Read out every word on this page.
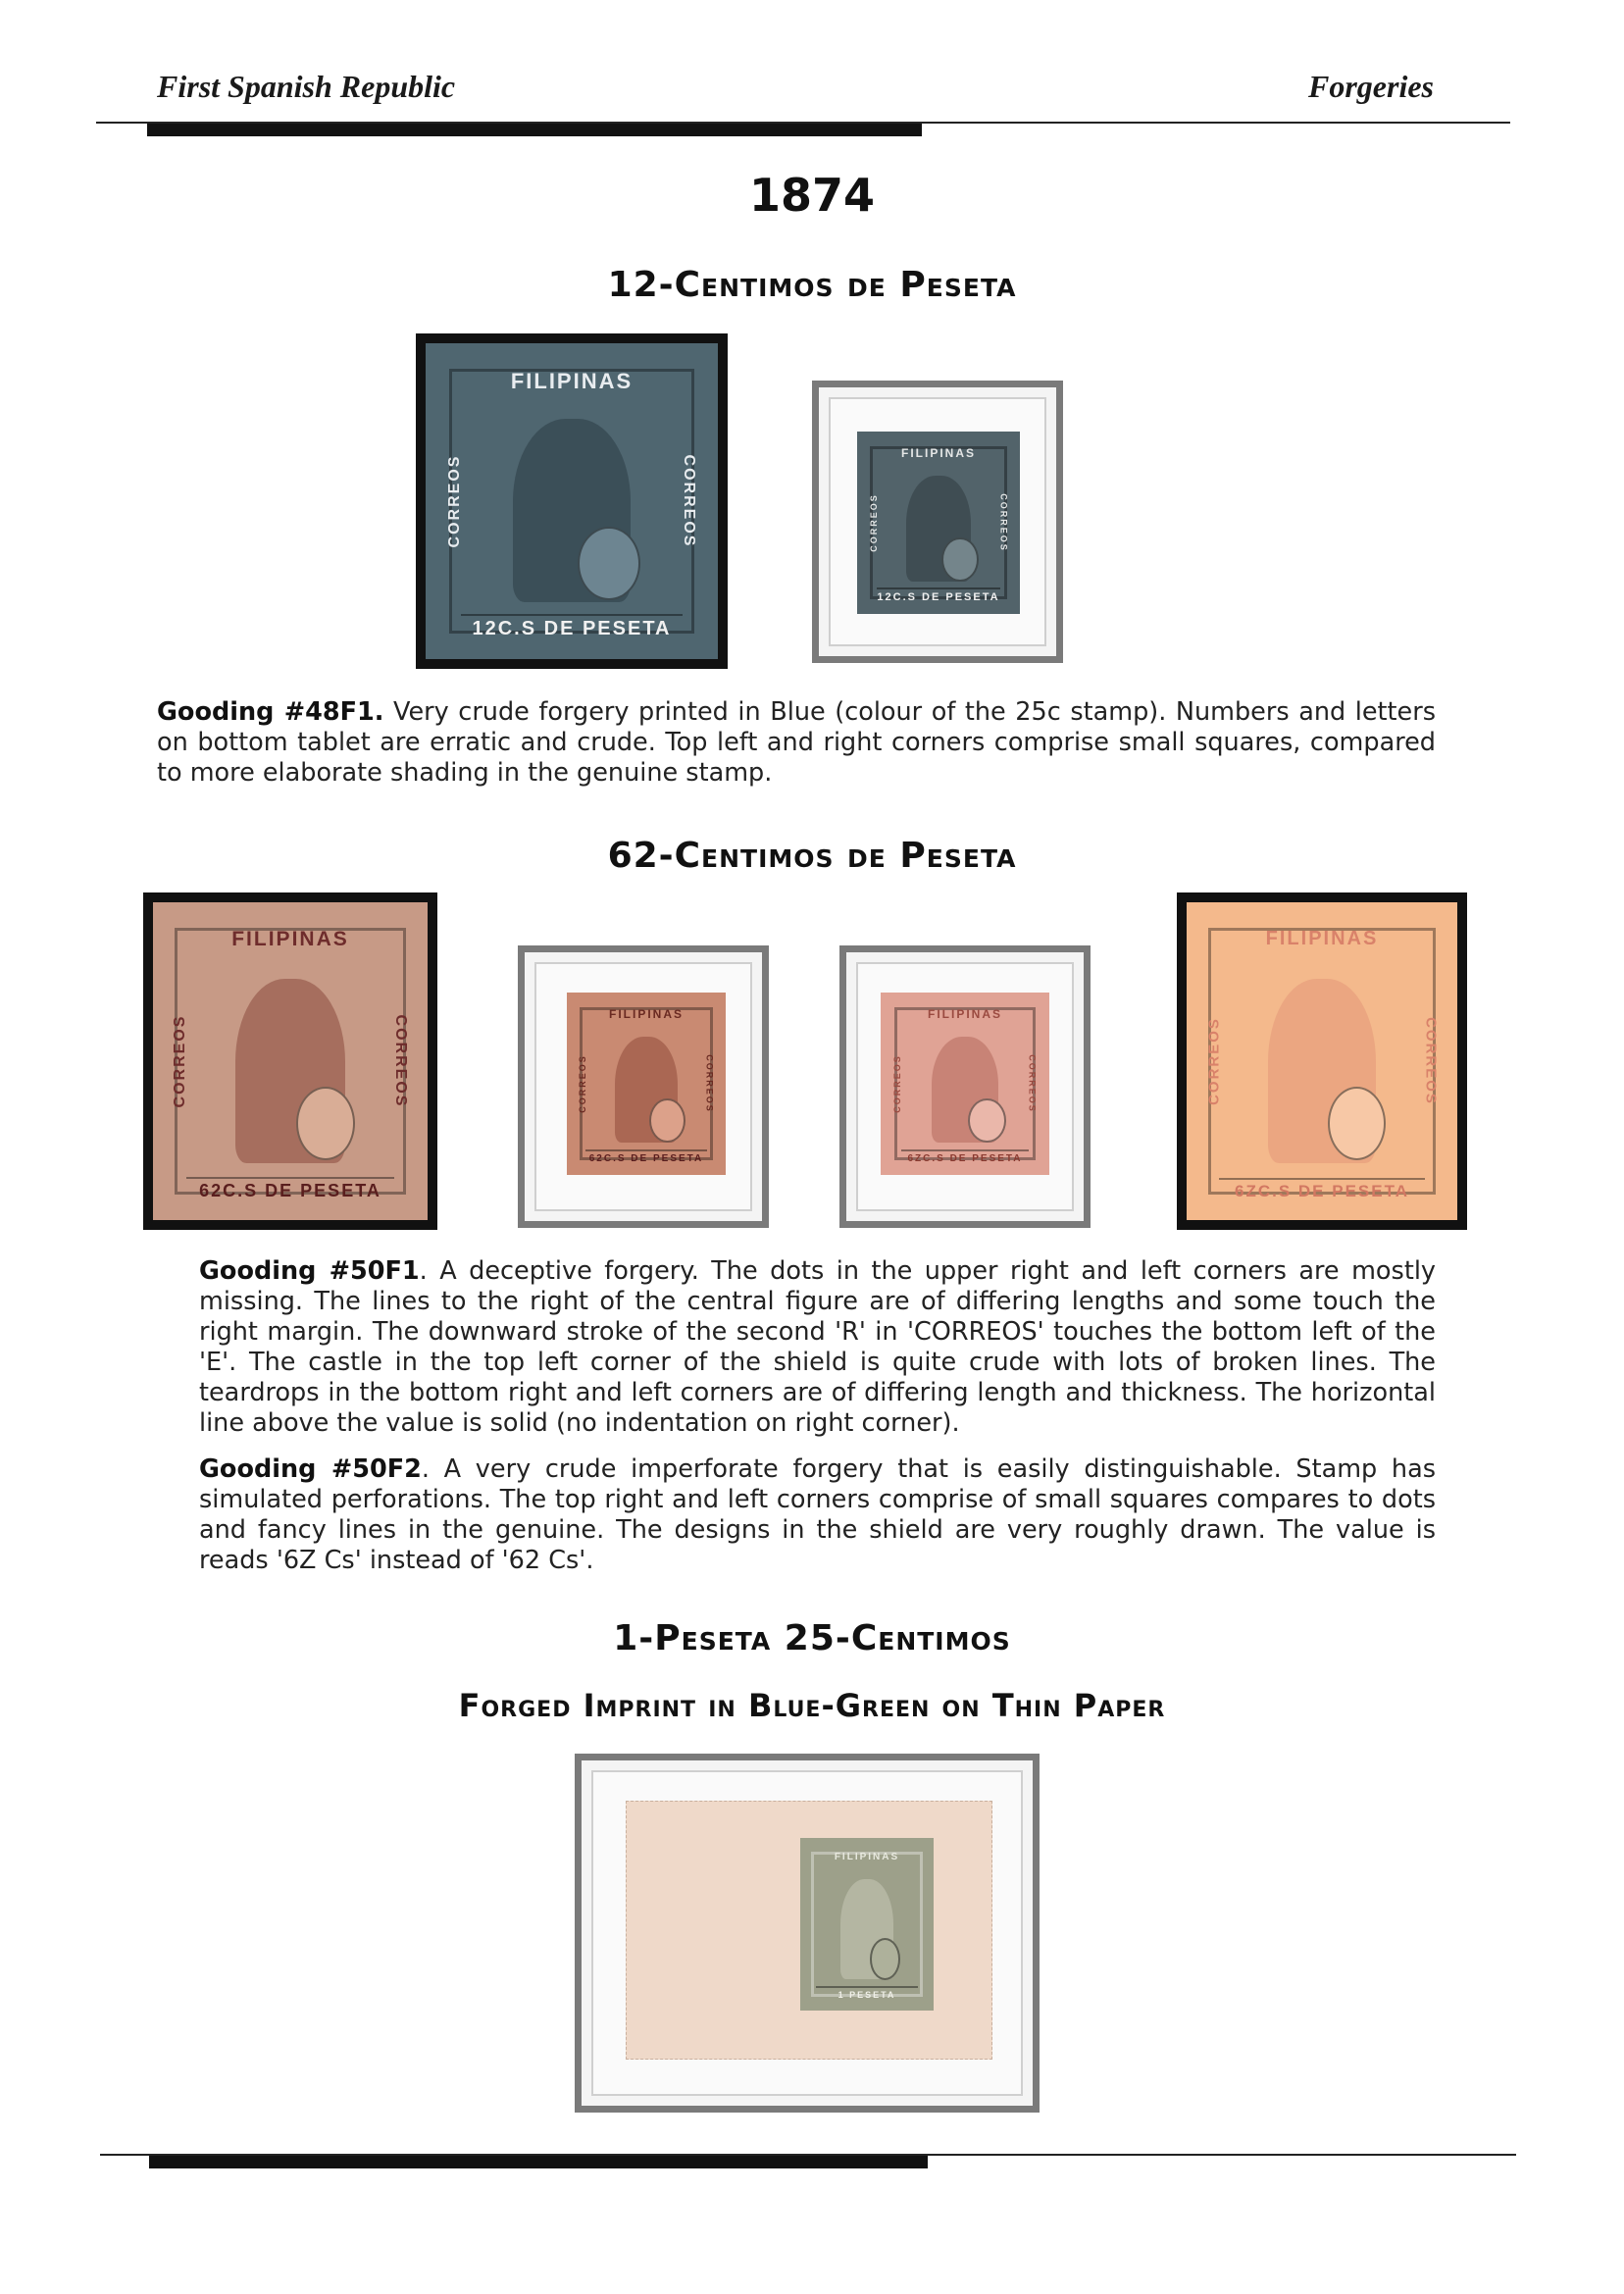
First Spanish Republic	Forgeries
1874
12-Centimos de Peseta
FILIPINAS
CORREOS	CORREOS
12C.S DE PESETA
FILIPINAS
CORREOS	CORREOS
12C.S DE PESETA
Gooding #48F1. Very crude forgery printed in Blue (colour of the 25c stamp). Numbers and letters on bottom tablet are erratic and crude. Top left and right corners comprise small squares, compared to more elaborate shading in the genuine stamp.
62-Centimos de Peseta
FILIPINAS
CORREOS	CORREOS
62C.S DE PESETA
FILIPINAS
CORREOS	CORREOS
62C.S DE PESETA
FILIPINAS
CORREOS	CORREOS
6ZC.S DE PESETA
FILIPINAS
CORREOS	CORREOS
6ZC.S DE PESETA
Gooding #50F1. A deceptive forgery. The dots in the upper right and left corners are mostly missing. The lines to the right of the central figure are of differing lengths and some touch the right margin. The downward stroke of the second 'R' in 'CORREOS' touches the bottom left of the 'E'. The castle in the top left corner of the shield is quite crude with lots of broken lines. The teardrops in the bottom right and left corners are of differing length and thickness. The horizontal line above the value is solid (no indentation on right corner).
Gooding #50F2. A very crude imperforate forgery that is easily distinguishable. Stamp has simulated perforations. The top right and left corners comprise of small squares compares to dots and fancy lines in the genuine. The designs in the shield are very roughly drawn. The value is reads '6Z Cs' instead of '62 Cs'.
1-Peseta 25-Centimos
Forged Imprint in Blue-Green on Thin Paper
FILIPINAS
1 PESETA
